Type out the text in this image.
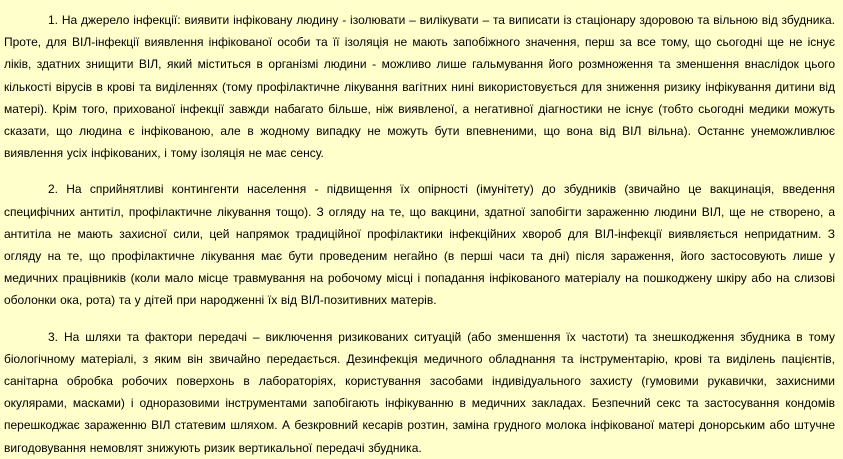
1. На джерело інфекції: виявити інфіковану людину - ізолювати – вилікувати – та виписати із стаціонару здоровою та вільною від збудника. Проте, для ВІЛ-інфекції виявлення інфікованої особи та її ізоляція не мають запобіжного значення, перш за все тому, що сьогодні ще не існує ліків, здатних знищити ВІЛ, який міститься в організмі людини - можливо лише гальмування його розмноження та зменшення внаслідок цього кількості вірусів в крові та виділеннях (тому профілактичне лікування вагітних нині використовується для зниження ризику інфікування дитини від матері). Крім того, прихованої інфекції завжди набагато більше, ніж виявленої, а негативної діагностики не існує (тобто сьогодні медики можуть сказати, що людина є інфікованою, але в жодному випадку не можуть бути впевненими, що вона від ВІЛ вільна). Останнє унеможливлює виявлення усіх інфікованих, і тому ізоляція не має сенсу.

2. На сприйнятливі контингенти населення - підвищення їх опірності (імунітету) до збудників (звичайно це вакцинація, введення специфічних антитіл, профілактичне лікування тощо). З огляду на те, що вакцини, здатної запобігти зараженню людини ВІЛ, ще не створено, а антитіла не мають захисної сили, цей напрямок традиційної профілактики інфекційних хвороб для ВІЛ-інфекції виявляється непридатним. З огляду на те, що профілактичне лікування має бути проведеним негайно (в перші часи та дні) після зараження, його застосовують лише у медичних працівників (коли мало місце травмування на робочому місці і попадання інфікованого матеріалу на пошкоджену шкіру або на слизові оболонки ока, рота) та у дітей при народженні їх від ВІЛ-позитивних матерів.

3. На шляхи та фактори передачі – виключення ризикованих ситуацій (або зменшення їх частоти) та знешкодження збудника в тому біологічному матеріалі, з яким він звичайно передається. Дезинфекція медичного обладнання та інструментарію, крові та виділень пацієнтів, санітарна обробка робочих поверхонь в лабораторіях, користування засобами індивідуального захисту (гумовими рукавички, захисними окулярами, масками) і одноразовими інструментами запобігають інфікуванню в медичних закладах. Безпечний секс та застосування кондомів перешкоджає зараженню ВІЛ статевим шляхом. А безкровний кесарів розтин, заміна грудного молока інфікованої матері донорським або штучне вигодовування немовлят знижують ризик вертикальної передачі збудника.
